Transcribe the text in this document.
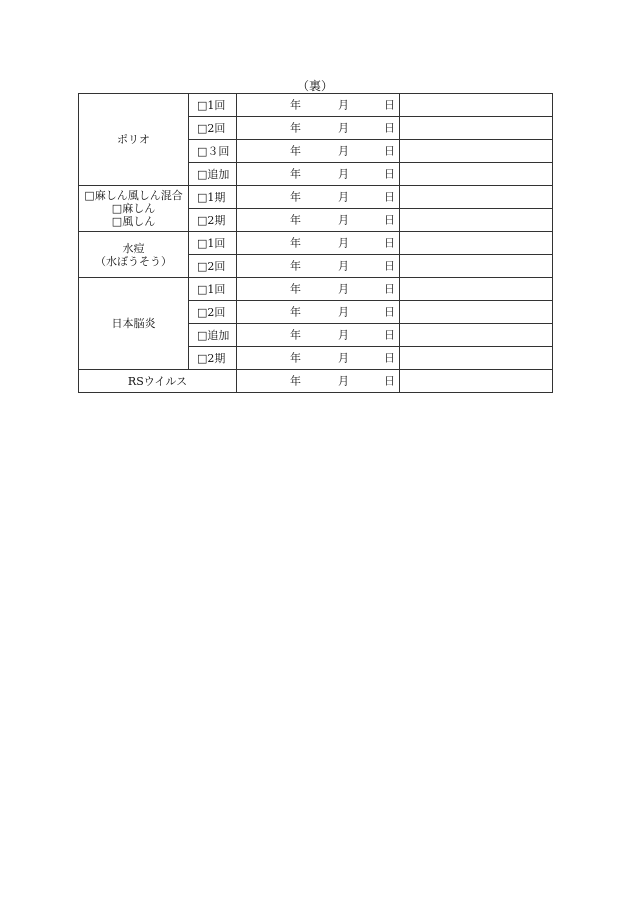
（裏）
ポリオ	□1回	年 月 日	

	□2回	年 月 日	

	□３回	年 月 日	

	□追加	年 月 日	

□麻しん風しん混合
□麻しん
□風しん	□1期	年 月 日	

	□2期	年 月 日	

水痘
（水ぼうそう）	□1回	年 月 日	

	□2回	年 月 日	

日本脳炎	□1回	年 月 日	

	□2回	年 月 日	

	□追加	年 月 日	

	□2期	年 月 日	

RSウイルス		年 月 日	
